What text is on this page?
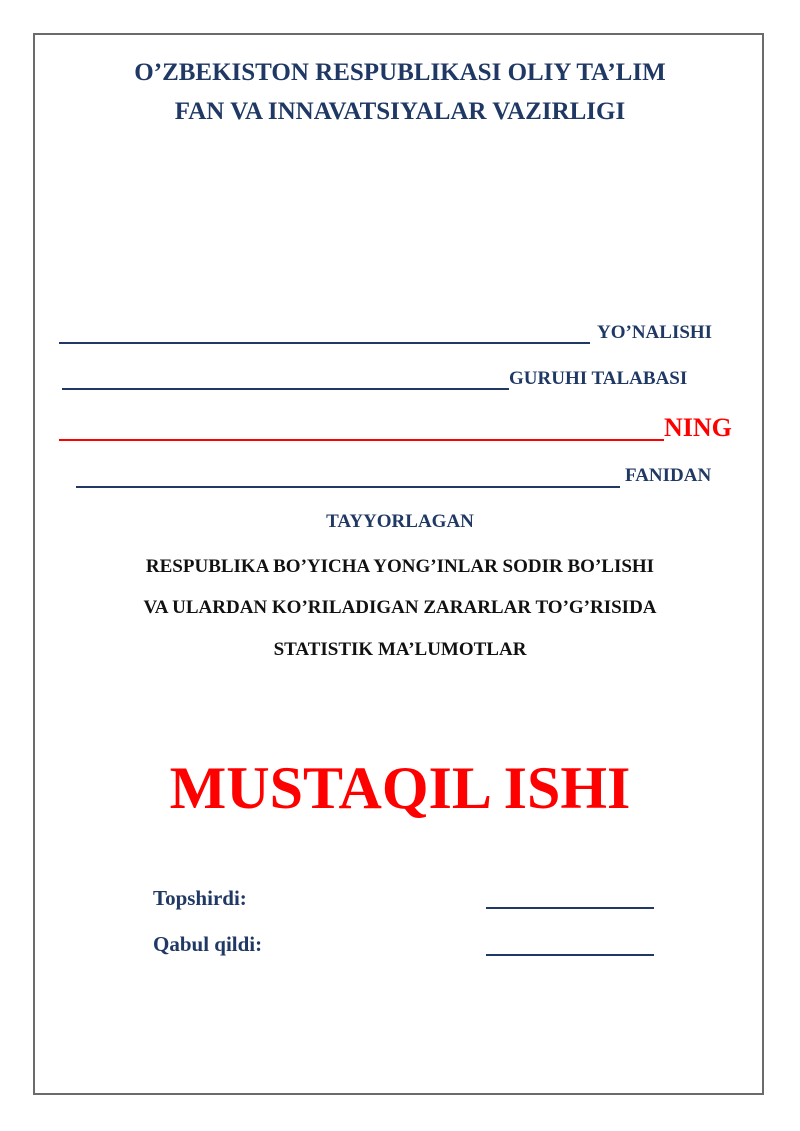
O’ZBEKISTON RESPUBLIKASI OLIY TA’LIM
FAN VA INNAVATSIYALAR VAZIRLIGI
YO’NALISHI
GURUHI TALABASI
NING
FANIDAN
TAYYORLAGAN
RESPUBLIKA BO’YICHA YONG’INLAR SODIR BO’LISHI
VA ULARDAN KO’RILADIGAN ZARARLAR TO’G’RISIDA
STATISTIK MA’LUMOTLAR
MUSTAQIL ISHI
Topshirdi:
Qabul qildi:
